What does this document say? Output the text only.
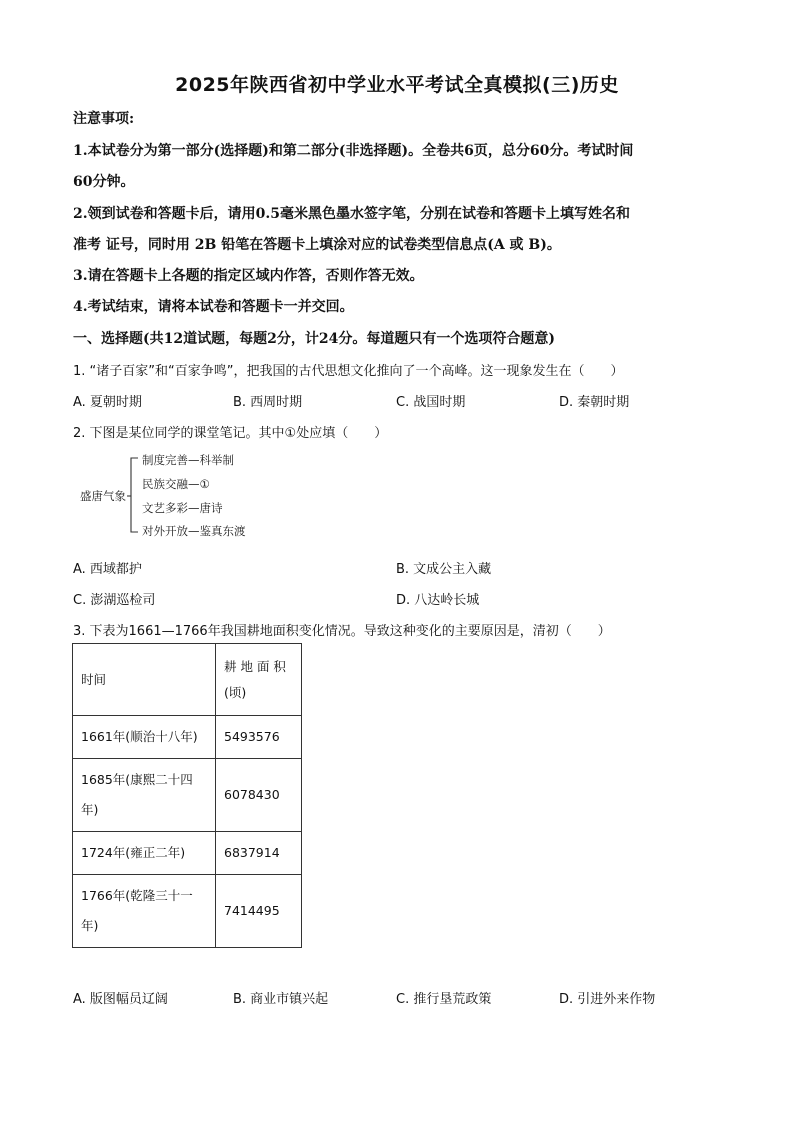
2025年陕西省初中学业水平考试全真模拟(三)历史
注意事项:
1.本试卷分为第一部分(选择题)和第二部分(非选择题)。全卷共6页，总分60分。考试时间
60分钟。
2.领到试卷和答题卡后，请用0.5毫米黑色墨水签字笔，分别在试卷和答题卡上填写姓名和
准考 证号，同时用 2B 铅笔在答题卡上填涂对应的试卷类型信息点(A 或 B)。
3.请在答题卡上各题的指定区域内作答，否则作答无效。
4.考试结束，请将本试卷和答题卡一并交回。
一、选择题(共12道试题，每题2分，计24分。每道题只有一个选项符合题意)
1. “诸子百家”和“百家争鸣”，把我国的古代思想文化推向了一个高峰。这一现象发生在（　　）
A. 夏朝时期	B. 西周时期	C. 战国时期	D. 秦朝时期
2. 下图是某位同学的课堂笔记。其中①处应填（　　）
盛唐气象
制度完善—科举制
民族交融—①
文艺多彩—唐诗
对外开放—鉴真东渡
A. 西域都护	B. 文成公主入藏
C. 澎湖巡检司	D. 八达岭长城
3. 下表为1661—1766年我国耕地面积变化情况。导致这种变化的主要原因是，清初（　　）
时间	耕 地 面 积
(顷)

1661年(顺治十八年)	5493576

1685年(康熙二十四
年)	6078430
1724年(雍正二年)	6837914

1766年(乾隆三十一
年)	7414495
A. 版图幅员辽阔	B. 商业市镇兴起	C. 推行垦荒政策	D. 引进外来作物
